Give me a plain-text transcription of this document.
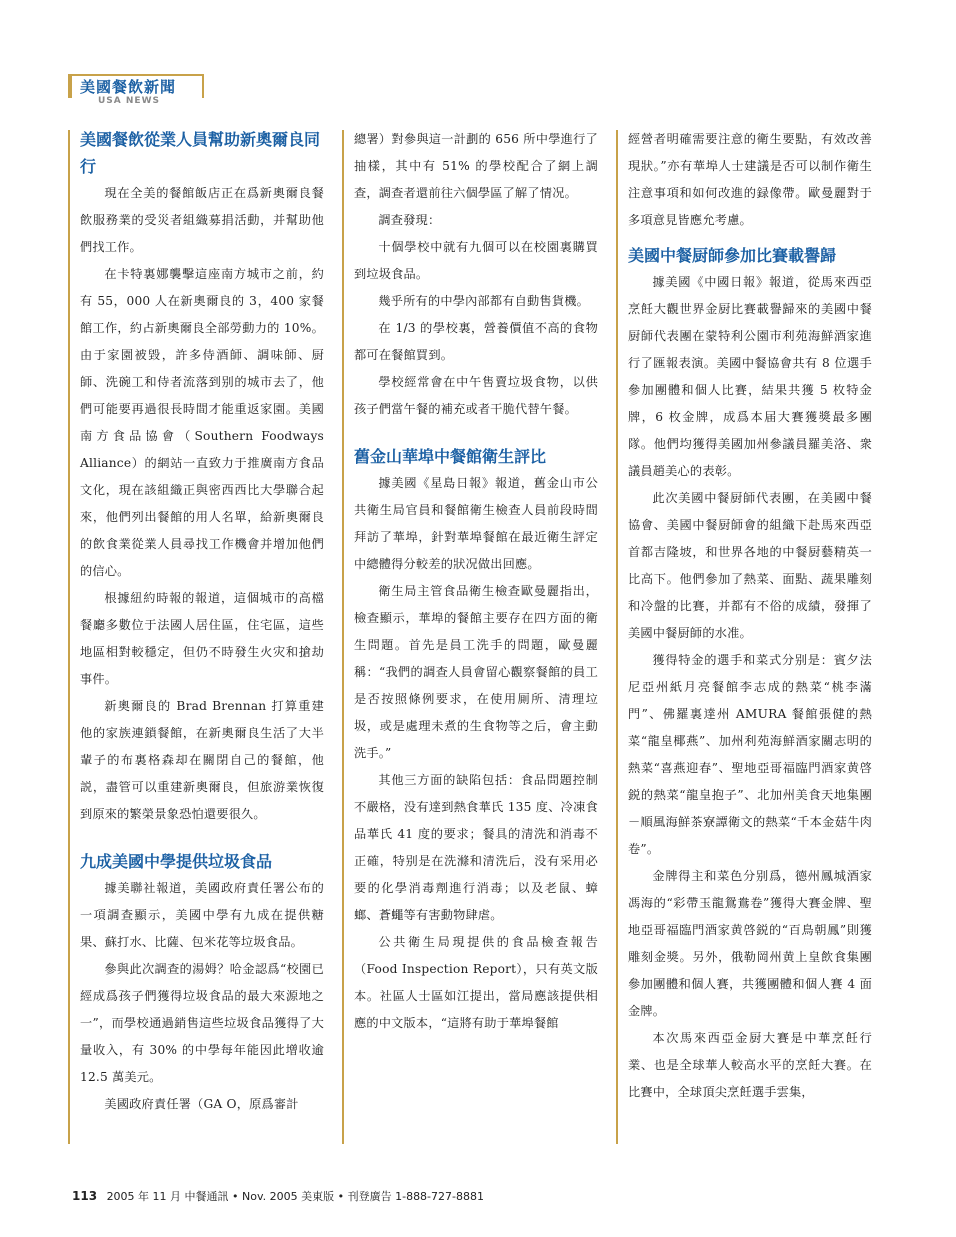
美國餐飲新聞
USA NEWS
美國餐飲從業人員幫助新奧爾良同行

現在全美的餐館飯店正在爲新奧爾良餐飲服務業的受災者組織募捐活動，并幫助他們找工作。

在卡特裏娜襲擊這座南方城市之前，約有 55，000 人在新奧爾良的 3，400 家餐館工作，約占新奧爾良全部勞動力的 10%。由于家園被毀，許多侍酒師、調味師、厨師、洗碗工和侍者流落到别的城市去了，他們可能要再過很長時間才能重返家園。美國南方食品協會（Southern Foodways Alliance）的網站一直致力于推廣南方食品文化，現在該組織正與密西西比大學聯合起來，他們列出餐館的用人名單，給新奧爾良的飲食業從業人員尋找工作機會并增加他們的信心。

根據紐約時報的報道，這個城市的高檔餐廳多數位于法國人居住區，住宅區，這些地區相對較穩定，但仍不時發生火灾和搶劫事件。

新奧爾良的 Brad Brennan 打算重建他的家族連鎖餐館，在新奧爾良生活了大半輩子的布裏格森却在關閉自己的餐館，他説，盡管可以重建新奧爾良，但旅游業恢復到原來的繁榮景象恐怕還要很久。

九成美國中學提供垃圾食品

據美聯社報道，美國政府責任署公布的一項調查顯示，美國中學有九成在提供糖果、蘇打水、比薩、包米花等垃圾食品。

參與此次調查的湯姆？哈金認爲“校園已經成爲孩子們獲得垃圾食品的最大來源地之一”，而學校通過銷售這些垃圾食品獲得了大量收入，有 30% 的中學每年能因此增收逾 12.5 萬美元。

美國政府責任署（GA O，原爲審計

總署）對參與這一計劃的 656 所中學進行了抽樣，其中有 51% 的學校配合了網上調查，調查者還前往六個學區了解了情况。

調查發現：

十個學校中就有九個可以在校園裏購買到垃圾食品。

幾乎所有的中學內部都有自動售貨機。

在 1/3 的學校裏，營養價值不高的食物都可在餐館買到。

學校經常會在中午售賣垃圾食物，以供孩子們當午餐的補充或者干脆代替午餐。

舊金山華埠中餐館衛生評比

據美國《星島日報》報道，舊金山市公共衛生局官員和餐館衛生檢查人員前段時間拜訪了華埠，針對華埠餐館在最近衛生評定中總體得分較差的狀况做出回應。

衛生局主管食品衛生檢查歐曼麗指出，檢查顯示，華埠的餐館主要存在四方面的衛生問題。首先是員工洗手的問題，歐曼麗稱：“我們的調查人員會留心觀察餐館的員工是否按照條例要求，在使用厠所、清理垃圾，或是處理未煮的生食物等之后，會主動洗手。”

其他三方面的缺陷包括：食品問題控制不嚴格，没有達到熱食華氏 135 度、冷凍食品華氏 41 度的要求；餐具的清洗和消毒不正確，特别是在洗滌和清洗后，没有采用必要的化學消毒劑進行消毒；以及老鼠、蟑螂、蒼蠅等有害動物肆虐。

公共衛生局現提供的食品檢查報告（Food Inspection Report），只有英文版本。社區人士區如江提出，當局應該提供相應的中文版本，“這將有助于華埠餐館

經營者明確需要注意的衛生要點，有效改善現狀。”亦有華埠人士建議是否可以制作衛生注意事項和如何改進的録像帶。歐曼麗對于多項意見皆應允考慮。

美國中餐厨師參加比賽載譽歸

據美國《中國日報》報道，從馬來西亞烹飪大觀世界金厨比賽載譽歸來的美國中餐厨師代表團在蒙特利公園市利苑海鮮酒家進行了匯報表演。美國中餐協會共有 8 位選手參加團體和個人比賽，結果共獲 5 枚特金牌，6 枚金牌，成爲本届大賽獲獎最多團隊。他們均獲得美國加州參議員羅美洛、衆議員趙美心的表彰。

此次美國中餐厨師代表團，在美國中餐協會、美國中餐厨師會的組織下赴馬來西亞首都吉隆坡，和世界各地的中餐厨藝精英一比高下。他們參加了熱菜、面點、蔬果雕刻和冷盤的比賽，并都有不俗的成績，發揮了美國中餐厨師的水准。

獲得特金的選手和菜式分别是：賓夕法尼亞州紙月亮餐館李志成的熱菜“桃李滿門”、佛羅裏達州 AMURA 餐館張健的熱菜“龍皇椰燕”、加州利苑海鮮酒家關志明的熱菜“喜燕迎春”、聖地亞哥福臨門酒家黄啓鋭的熱菜“龍皇抱子”、北加州美食天地集團－順風海鮮茶寮譚衛文的熱菜“千本金菇牛肉卷”。

金牌得主和菜色分别爲，德州鳳城酒家馮海的“彩帶玉龍鴛鴦卷”獲得大賽金牌、聖地亞哥福臨門酒家黄啓鋭的“百鳥朝鳳”則獲雕刻金獎。另外，俄勒岡州黄上皇飲食集團參加團體和個人賽，共獲團體和個人賽 4 面金牌。

本次馬來西亞金厨大賽是中華烹飪行業、也是全球華人較高水平的烹飪大賽。在比賽中，全球頂尖烹飪選手雲集，

113 2005 年 11 月 中餐通訊 • Nov. 2005 美東版 • 刊登廣告 1-888-727-8881
